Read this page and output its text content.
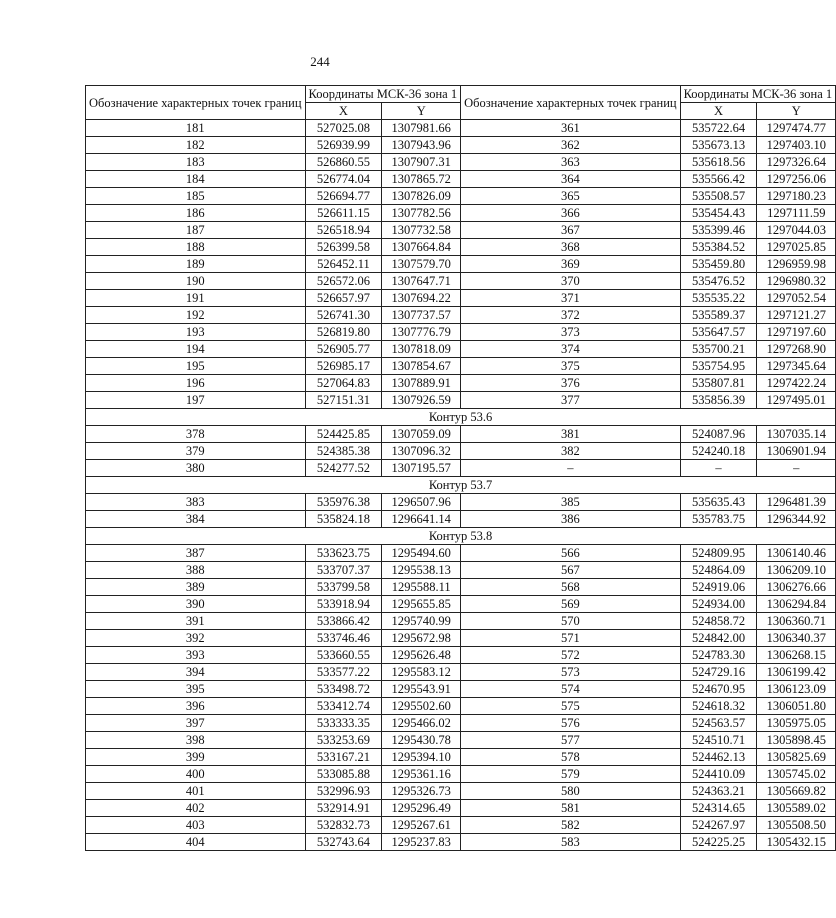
244
Обозначение характерных точек границ	Координаты МСК-36 зона 1		Обозначение характерных точек границ	Координаты МСК-36 зона 1	
	X	Y		X	Y
181	527025.08	1307981.66	361	535722.64	1297474.77
182	526939.99	1307943.96	362	535673.13	1297403.10
183	526860.55	1307907.31	363	535618.56	1297326.64
184	526774.04	1307865.72	364	535566.42	1297256.06
185	526694.77	1307826.09	365	535508.57	1297180.23
186	526611.15	1307782.56	366	535454.43	1297111.59
187	526518.94	1307732.58	367	535399.46	1297044.03
188	526399.58	1307664.84	368	535384.52	1297025.85
189	526452.11	1307579.70	369	535459.80	1296959.98
190	526572.06	1307647.71	370	535476.52	1296980.32
191	526657.97	1307694.22	371	535535.22	1297052.54
192	526741.30	1307737.57	372	535589.37	1297121.27
193	526819.80	1307776.79	373	535647.57	1297197.60
194	526905.77	1307818.09	374	535700.21	1297268.90
195	526985.17	1307854.67	375	535754.95	1297345.64
196	527064.83	1307889.91	376	535807.81	1297422.24
197	527151.31	1307926.59	377	535856.39	1297495.01
Контур 53.6					
378	524425.85	1307059.09	381	524087.96	1307035.14
379	524385.38	1307096.32	382	524240.18	1306901.94
380	524277.52	1307195.57	–	–	–
Контур 53.7					
383	535976.38	1296507.96	385	535635.43	1296481.39
384	535824.18	1296641.14	386	535783.75	1296344.92
Контур 53.8					
387	533623.75	1295494.60	566	524809.95	1306140.46
388	533707.37	1295538.13	567	524864.09	1306209.10
389	533799.58	1295588.11	568	524919.06	1306276.66
390	533918.94	1295655.85	569	524934.00	1306294.84
391	533866.42	1295740.99	570	524858.72	1306360.71
392	533746.46	1295672.98	571	524842.00	1306340.37
393	533660.55	1295626.48	572	524783.30	1306268.15
394	533577.22	1295583.12	573	524729.16	1306199.42
395	533498.72	1295543.91	574	524670.95	1306123.09
396	533412.74	1295502.60	575	524618.32	1306051.80
397	533333.35	1295466.02	576	524563.57	1305975.05
398	533253.69	1295430.78	577	524510.71	1305898.45
399	533167.21	1295394.10	578	524462.13	1305825.69
400	533085.88	1295361.16	579	524410.09	1305745.02
401	532996.93	1295326.73	580	524363.21	1305669.82
402	532914.91	1295296.49	581	524314.65	1305589.02
403	532832.73	1295267.61	582	524267.97	1305508.50
404	532743.64	1295237.83	583	524225.25	1305432.15
